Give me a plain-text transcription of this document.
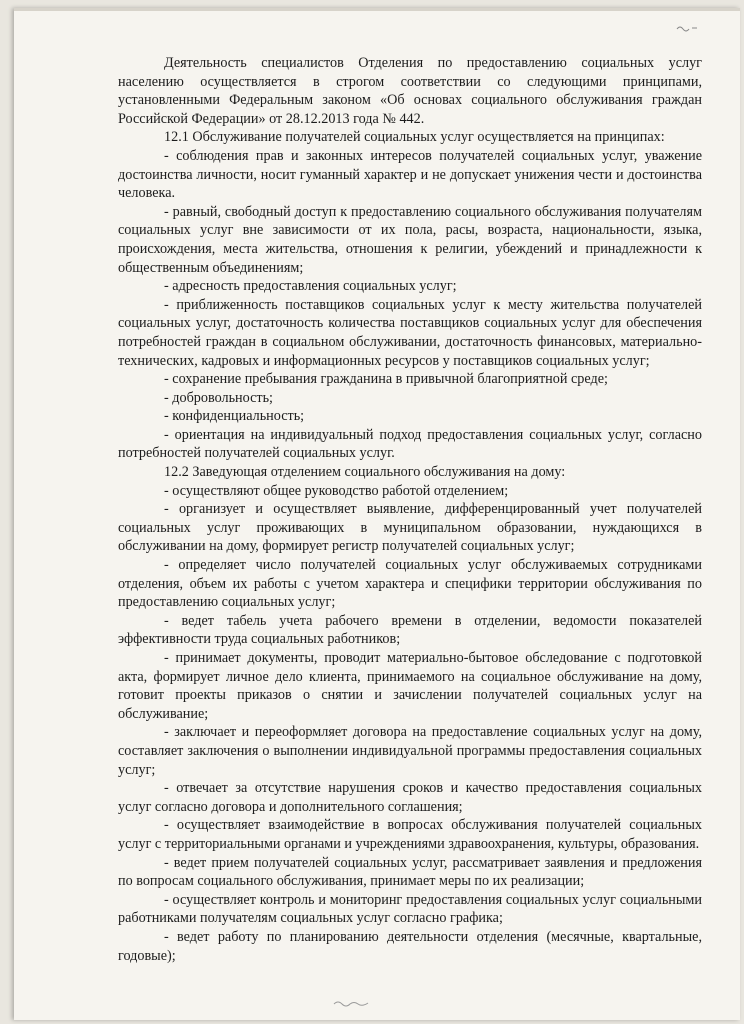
Деятельность специалистов Отделения по предоставлению социальных услуг населению осуществляется в строгом соответствии со следующими принципами, установленными Федеральным законом «Об основах социального обслуживания граждан Российской Федерации» от 28.12.2013 года № 442.

12.1 Обслуживание получателей социальных услуг осуществляется на принципах:

- соблюдения прав и законных интересов получателей социальных услуг, уважение достоинства личности, носит гуманный характер и не допускает унижения чести и достоинства человека.

- равный, свободный доступ к предоставлению социального обслуживания получателям социальных услуг вне зависимости от их пола, расы, возраста, национальности, языка, происхождения, места жительства, отношения к религии, убеждений и принадлежности к общественным объединениям;

- адресность предоставления социальных услуг;

- приближенность поставщиков социальных услуг к месту жительства получателей социальных услуг, достаточность количества поставщиков социальных услуг для обеспечения потребностей граждан в социальном обслуживании, достаточность финансовых, материально-технических, кадровых и информационных ресурсов у поставщиков социальных услуг;

- сохранение пребывания гражданина в привычной благоприятной среде;

- добровольность;

- конфиденциальность;

- ориентация на индивидуальный подход предоставления социальных услуг, согласно потребностей получателей социальных услуг.

12.2 Заведующая отделением социального обслуживания на дому:

- осуществляют общее руководство работой отделением;

- организует и осуществляет выявление, дифференцированный учет получателей социальных услуг проживающих в муниципальном образовании, нуждающихся в обслуживании на дому, формирует регистр получателей социальных услуг;

- определяет число получателей социальных услуг обслуживаемых сотрудниками отделения, объем их работы с учетом характера и специфики территории обслуживания по предоставлению социальных услуг;

- ведет табель учета рабочего времени в отделении, ведомости показателей эффективности труда социальных работников;

- принимает документы, проводит материально-бытовое обследование с подготовкой акта, формирует личное дело клиента, принимаемого на социальное обслуживание на дому, готовит проекты приказов о снятии и зачислении получателей социальных услуг на обслуживание;

- заключает и переоформляет договора на предоставление социальных услуг на дому, составляет заключения о выполнении индивидуальной программы предоставления социальных услуг;

- отвечает за отсутствие нарушения сроков и качество предоставления социальных услуг согласно договора и дополнительного соглашения;

- осуществляет взаимодействие в вопросах обслуживания получателей социальных услуг с территориальными органами и учреждениями здравоохранения, культуры, образования.

- ведет прием получателей социальных услуг, рассматривает заявления и предложения по вопросам социального обслуживания, принимает меры по их реализации;

- осуществляет контроль и мониторинг предоставления социальных услуг социальными работниками получателям социальных услуг согласно графика;

- ведет работу по планированию деятельности отделения (месячные, квартальные, годовые);
